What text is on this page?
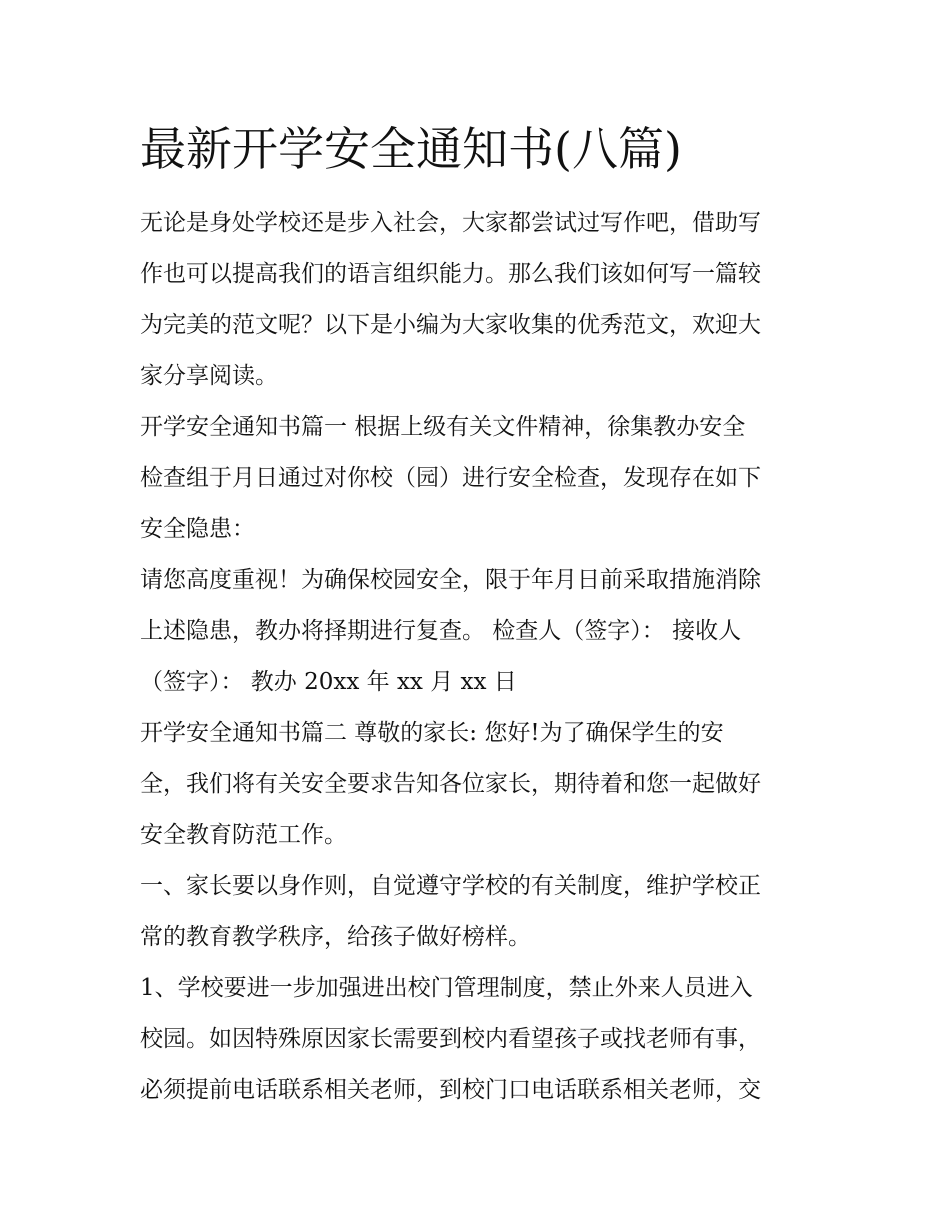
最新开学安全通知书(八篇)
无论是身处学校还是步入社会，大家都尝试过写作吧，借助写
作也可以提高我们的语言组织能力。那么我们该如何写一篇较
为完美的范文呢？以下是小编为大家收集的优秀范文，欢迎大
家分享阅读。
开学安全通知书篇一 根据上级有关文件精神，徐集教办安全
检查组于月日通过对你校（园）进行安全检查，发现存在如下
安全隐患：
请您高度重视！为确保校园安全，限于年月日前采取措施消除
上述隐患，教办将择期进行复查。 检查人（签字）： 接收人
（签字）： 教办 20xx 年 xx 月 xx 日
开学安全通知书篇二 尊敬的家长: 您好!为了确保学生的安
全，我们将有关安全要求告知各位家长，期待着和您一起做好
安全教育防范工作。
一、家长要以身作则，自觉遵守学校的有关制度，维护学校正
常的教育教学秩序，给孩子做好榜样。
1、学校要进一步加强进出校门管理制度，禁止外来人员进入
校园。如因特殊原因家长需要到校内看望孩子或找老师有事，
必须提前电话联系相关老师，到校门口电话联系相关老师，交
